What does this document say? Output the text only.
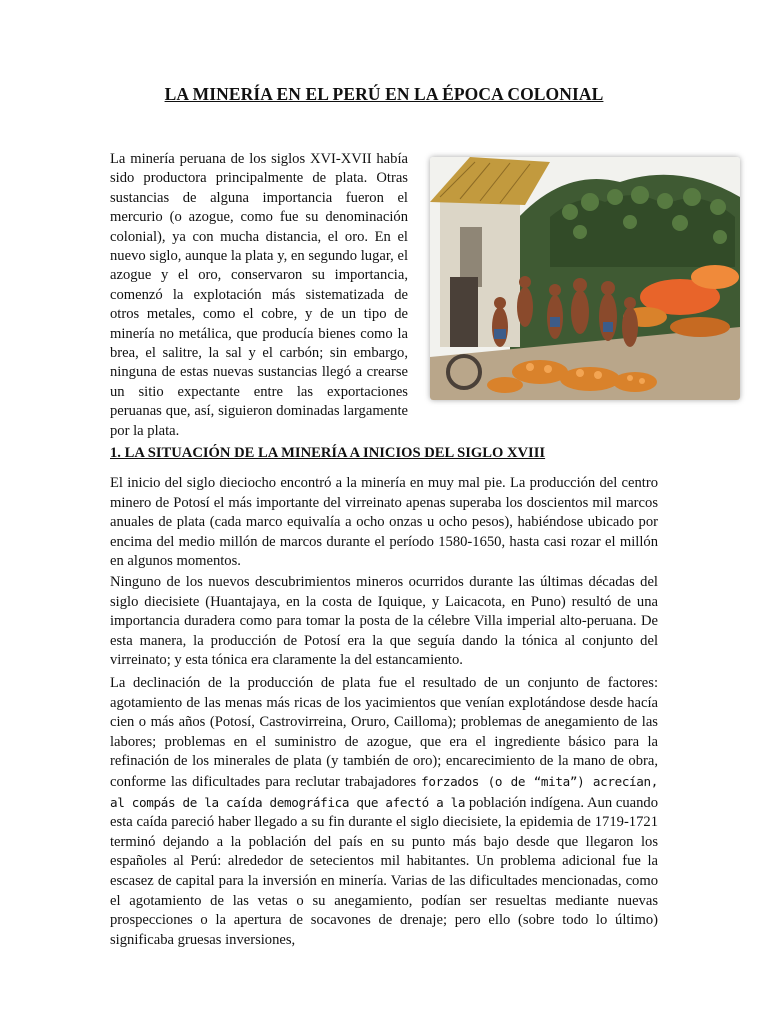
LA MINERÍA EN EL PERÚ EN LA ÉPOCA COLONIAL

La minería peruana de los siglos XVI-XVII había sido productora principalmente de plata. Otras sustancias de alguna importancia fueron el mercurio (o azogue, como fue su denominación colonial), ya con mucha distancia, el oro. En el nuevo siglo, aunque la plata y, en segundo lugar, el azogue y el oro, conservaron su importancia, comenzó la explotación más sistematizada de otros metales, como el cobre, y de un tipo de minería no metálica, que producía bienes como la brea, el salitre, la sal y el carbón; sin embargo, ninguna de estas nuevas sustancias llegó a crearse un sitio expectante entre las exportaciones peruanas que, así, siguieron dominadas largamente por la plata.

1. LA SITUACIÓN DE LA MINERÍA A INICIOS DEL SIGLO XVIII

El inicio del siglo dieciocho encontró a la minería en muy mal pie. La producción del centro minero de Potosí el más importante del virreinato apenas superaba los doscientos mil marcos anuales de plata (cada marco equivalía a ocho onzas u ocho pesos), habiéndose ubicado por encima del medio millón de marcos durante el período 1580-1650, hasta casi rozar el millón en algunos momentos.

Ninguno de los nuevos descubrimientos mineros ocurridos durante las últimas décadas del siglo diecisiete (Huantajaya, en la costa de Iquique, y Laicacota, en Puno) resultó de una importancia duradera como para tomar la posta de la célebre Villa imperial alto-peruana. De esta manera, la producción de Potosí era la que seguía dando la tónica al conjunto del virreinato; y esta tónica era claramente la del estancamiento.

La declinación de la producción de plata fue el resultado de un conjunto de factores: agotamiento de las menas más ricas de los yacimientos que venían explotándose desde hacía cien o más años (Potosí, Castrovirreina, Oruro, Cailloma); problemas de anegamiento de las labores; problemas en el suministro de azogue, que era el ingrediente básico para la refinación de los minerales de plata (y también de oro); encarecimiento de la mano de obra, conforme las dificultades para reclutar trabajadores forzados (o de “mita”) acrecían, al compás de la caída demográfica que afectó a la población indígena. Aun cuando esta caída pareció haber llegado a su fin durante el siglo diecisiete, la epidemia de 1719-1721 terminó dejando a la población del país en su punto más bajo desde que llegaron los españoles al Perú: alrededor de setecientos mil habitantes. Un problema adicional fue la escasez de capital para la inversión en minería. Varias de las dificultades mencionadas, como el agotamiento de las vetas o su anegamiento, podían ser resueltas mediante nuevas prospecciones o la apertura de socavones de drenaje; pero ello (sobre todo lo último) significaba gruesas inversiones,
